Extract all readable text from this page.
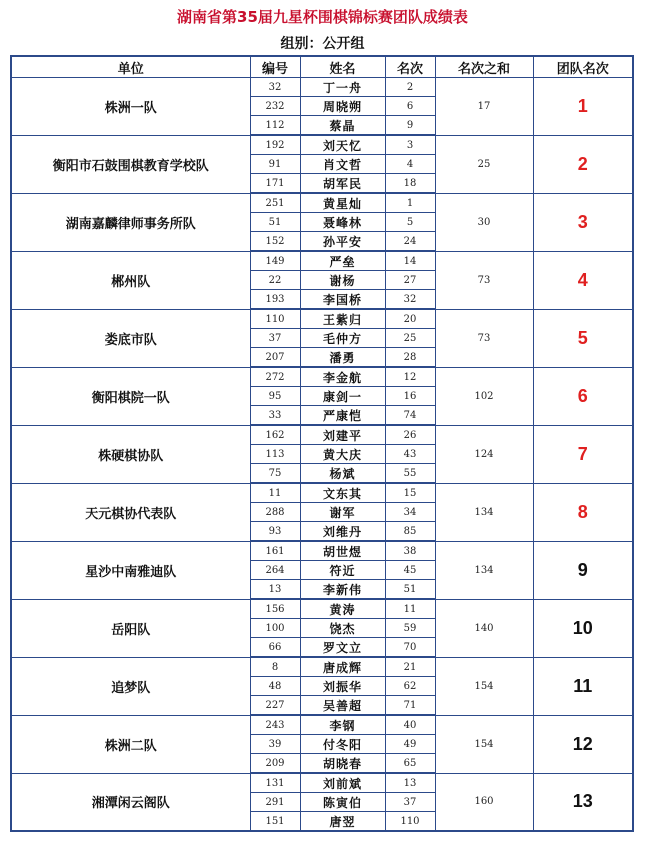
湖南省第35届九星杯围棋锦标赛团队成绩表
组别：公开组
单位	编号	姓名	名次	名次之和	团队名次
株洲一队	32	丁一舟	2	17	1
	232	周晓朔	6		
	112	蔡晶	9		
衡阳市石鼓围棋教育学校队	192	刘天忆	3	25	2
	91	肖文哲	4		
	171	胡军民	18		
湖南嘉麟律师事务所队	251	黄星灿	1	30	3
	51	聂峰林	5		
	152	孙平安	24		
郴州队	149	严垒	14	73	4
	22	谢杨	27		
	193	李国桥	32		
娄底市队	110	王紫归	20	73	5
	37	毛仲方	25		
	207	潘勇	28		
衡阳棋院一队	272	李金航	12	102	6
	95	康剑一	16		
	33	严康恺	74		
株硬棋协队	162	刘建平	26	124	7
	113	黄大庆	43		
	75	杨斌	55		
天元棋协代表队	11	文东其	15	134	8
	288	谢军	34		
	93	刘维丹	85		
星沙中南雅迪队	161	胡世煜	38	134	9
	264	符近	45		
	13	李新伟	51		
岳阳队	156	黄涛	11	140	10
	100	饶杰	59		
	66	罗文立	70		
追梦队	8	唐成辉	21	154	11
	48	刘振华	62		
	227	吴善超	71		
株洲二队	243	李钢	40	154	12
	39	付冬阳	49		
	209	胡晓春	65		
湘潭闲云阁队	131	刘前斌	13	160	13
	291	陈寅伯	37		
	151	唐翌	110		
